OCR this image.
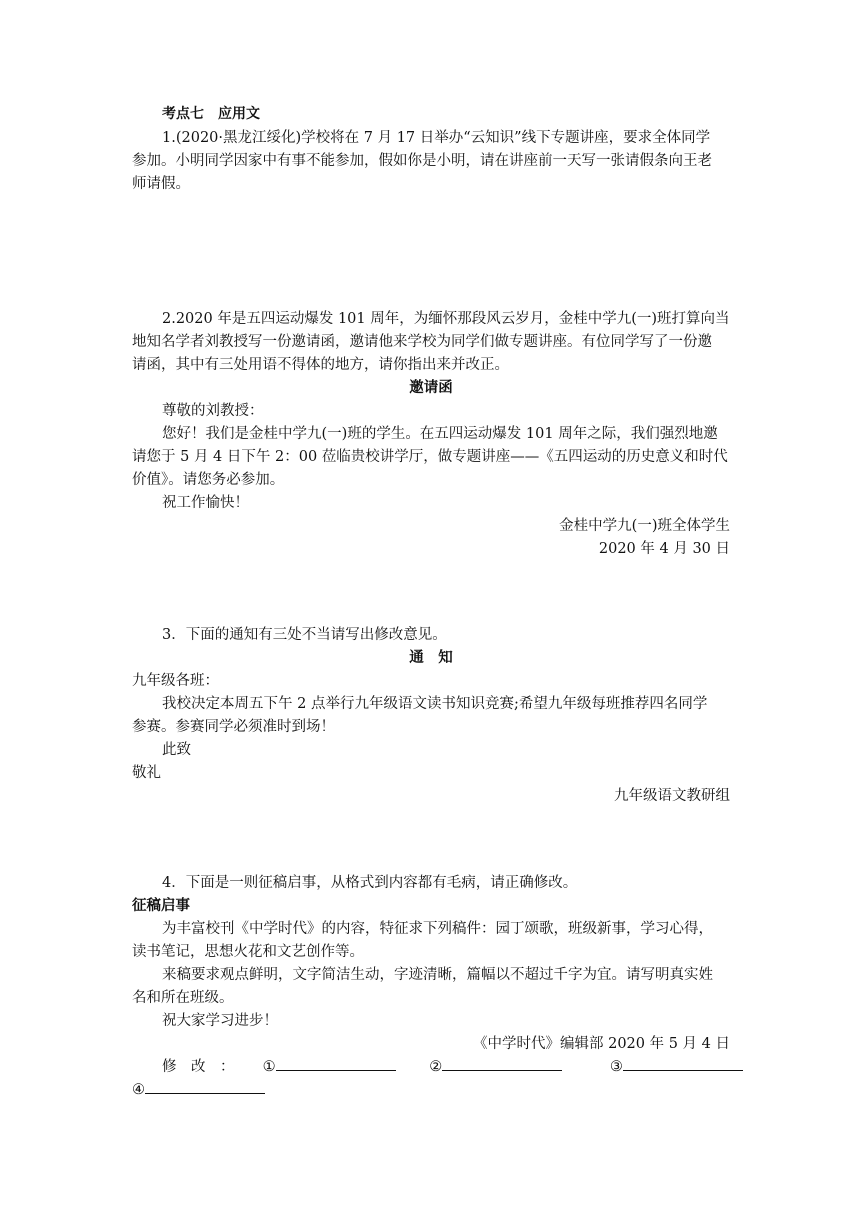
考点七　应用文
1.(2020·黑龙江绥化)学校将在 7 月 17 日举办“云知识”线下专题讲座，要求全体同学
参加。小明同学因家中有事不能参加，假如你是小明，请在讲座前一天写一张请假条向王老
师请假。
2.2020 年是五四运动爆发 101 周年，为缅怀那段风云岁月，金桂中学九(一)班打算向当
地知名学者刘教授写一份邀请函，邀请他来学校为同学们做专题讲座。有位同学写了一份邀
请函，其中有三处用语不得体的地方，请你指出来并改正。
邀请函
尊敬的刘教授：
您好！我们是金桂中学九(一)班的学生。在五四运动爆发 101 周年之际，我们强烈地邀
请您于 5 月 4 日下午 2：00 莅临贵校讲学厅，做专题讲座——《五四运动的历史意义和时代
价值》。请您务必参加。
祝工作愉快！
金桂中学九(一)班全体学生
2020 年 4 月 30 日
3．下面的通知有三处不当请写出修改意见。
通　知
九年级各班：
我校决定本周五下午 2 点举行九年级语文读书知识竞赛;希望九年级每班推荐四名同学
参赛。参赛同学必须准时到场！
此致
敬礼
九年级语文教研组
4．下面是一则征稿启事，从格式到内容都有毛病，请正确修改。
征稿启事
为丰富校刊《中学时代》的内容，特征求下列稿件：园丁颂歌，班级新事，学习心得，
读书笔记，思想火花和文艺创作等。
来稿要求观点鲜明，文字简洁生动，字迹清晰，篇幅以不超过千字为宜。请写明真实姓
名和所在班级。
祝大家学习进步！
《中学时代》编辑部 2020 年 5 月 4 日
修　改　： ①	②	③
④
